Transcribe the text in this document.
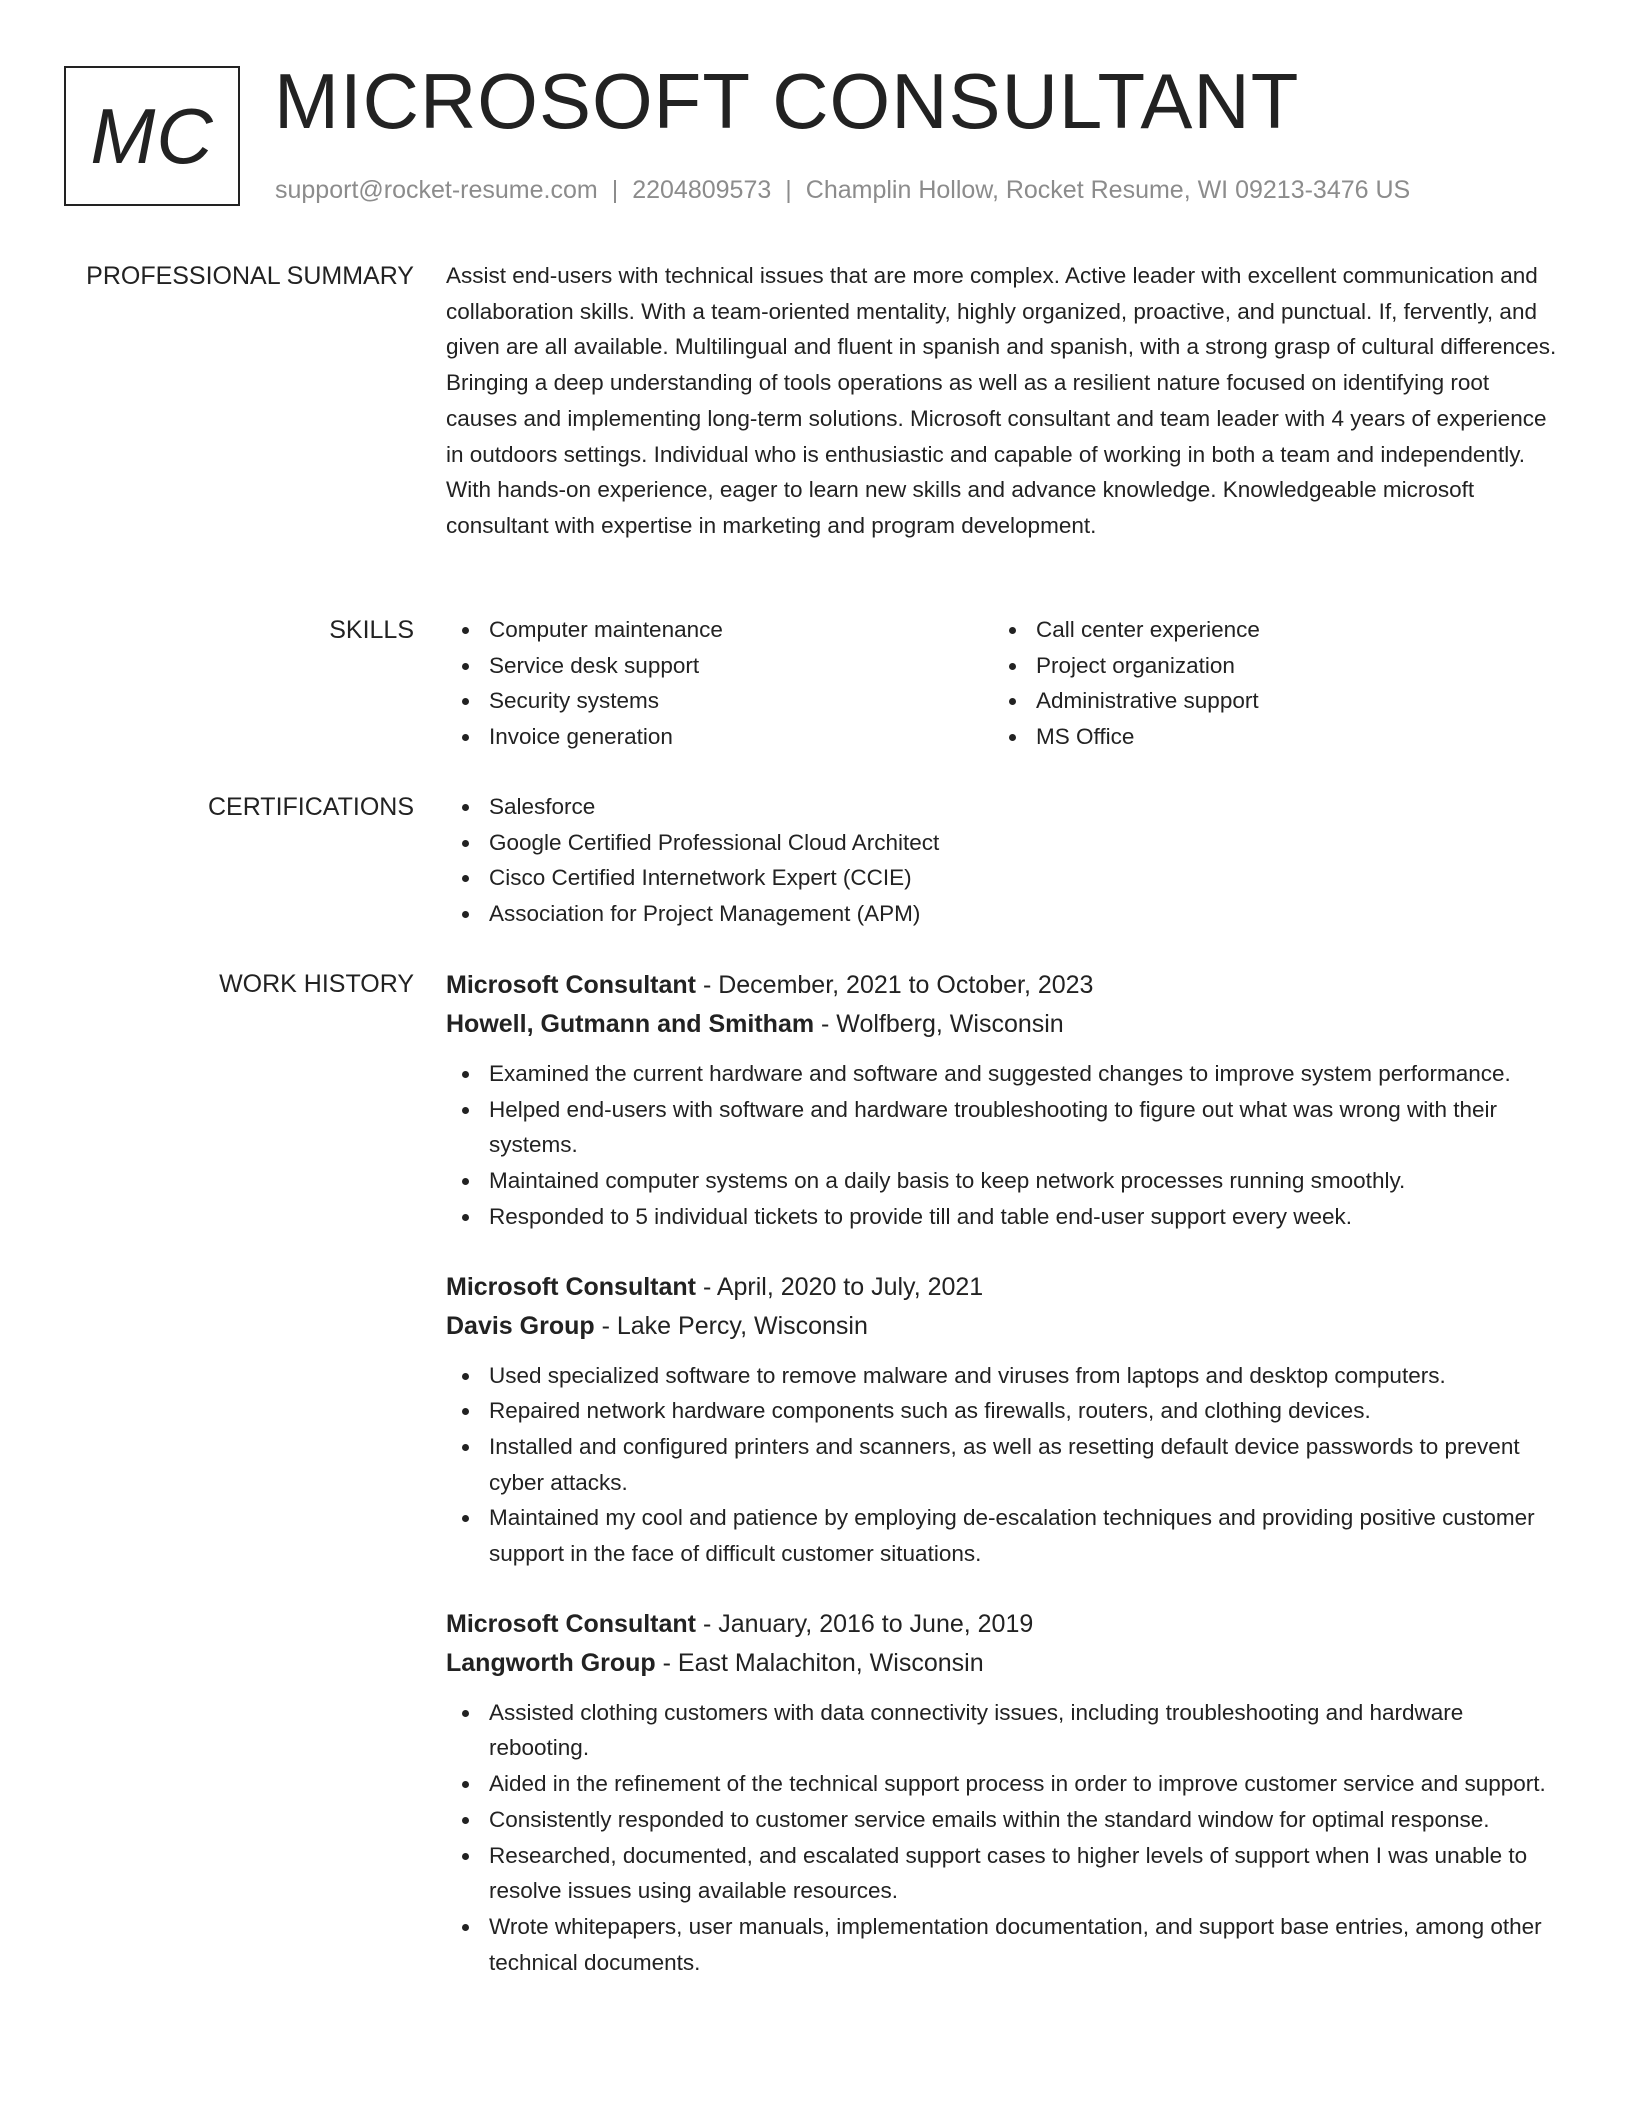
MC MICROSOFT CONSULTANT
support@rocket-resume.com | 2204809573 | Champlin Hollow, Rocket Resume, WI 09213-3476 US
PROFESSIONAL SUMMARY Assist end-users with technical issues that are more complex. Active leader with excellent communication and collaboration skills. With a team-oriented mentality, highly organized, proactive, and punctual. If, fervently, and given are all available. Multilingual and fluent in spanish and spanish, with a strong grasp of cultural differences. Bringing a deep understanding of tools operations as well as a resilient nature focused on identifying root causes and implementing long-term solutions. Microsoft consultant and team leader with 4 years of experience in outdoors settings. Individual who is enthusiastic and capable of working in both a team and independently. With hands-on experience, eager to learn new skills and advance knowledge. Knowledgeable microsoft consultant with expertise in marketing and program development.

SKILLS	Computer maintenance
Service desk support
Security systems
Invoice generation
Call center experience
Project organization
Administrative support
MS Office
CERTIFICATIONS	Salesforce
Google Certified Professional Cloud Architect
Cisco Certified Internetwork Expert (CCIE)
Association for Project Management (APM)
WORK HISTORY Microsoft Consultant - December, 2021 to October, 2023
Howell, Gutmann and Smitham - Wolfberg, Wisconsin
Examined the current hardware and software and suggested changes to improve system performance.
Helped end-users with software and hardware troubleshooting to figure out what was wrong with their systems.
Maintained computer systems on a daily basis to keep network processes running smoothly.
Responded to 5 individual tickets to provide till and table end-user support every week.
Microsoft Consultant - April, 2020 to July, 2021
Davis Group - Lake Percy, Wisconsin
Used specialized software to remove malware and viruses from laptops and desktop computers.
Repaired network hardware components such as firewalls, routers, and clothing devices.
Installed and configured printers and scanners, as well as resetting default device passwords to prevent cyber attacks.
Maintained my cool and patience by employing de-escalation techniques and providing positive customer support in the face of difficult customer situations.
Microsoft Consultant - January, 2016 to June, 2019
Langworth Group - East Malachiton, Wisconsin
Assisted clothing customers with data connectivity issues, including troubleshooting and hardware rebooting.
Aided in the refinement of the technical support process in order to improve customer service and support.
Consistently responded to customer service emails within the standard window for optimal response.
Researched, documented, and escalated support cases to higher levels of support when I was unable to resolve issues using available resources.
Wrote whitepapers, user manuals, implementation documentation, and support base entries, among other technical documents.
